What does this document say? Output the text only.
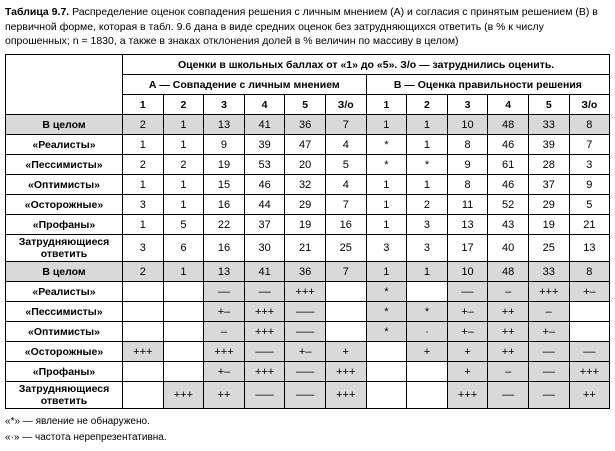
Таблица 9.7. Распределение оценок совпадения решения с личным мнением (А) и согласия с принятым решением (В) в первичной форме, которая в табл. 9.6 дана в виде средних оценок без затрудняющихся ответить (в % к числу опрошенных; n = 1830, а также в знаках отклонения долей в % величин по массиву в целом)
	Оценки в школьных баллах от «1» до «5». З/о — затруднились оценить.											
	А — Совпадение с личным мнением						В — Оценка правильности решения					
	1	2	3	4	5	З/о	1	2	3	4	5	З/о
В целом	2	1	13	41	36	7	1	1	10	48	33	8
«Реалисты»	1	1	9	39	47	4	*	1	8	46	39	7
«Пессимисты»	2	2	19	53	20	5	*	*	9	61	28	3
«Оптимисты»	1	1	15	46	32	4	1	1	8	46	37	9
«Осторожные»	3	1	16	44	29	7	1	2	11	52	29	5
«Профаны»	1	5	22	37	19	16	1	3	13	43	19	21
Затрудняющиеся ответить	3	6	16	30	21	25	3	3	17	40	25	13
В целом	2	1	13	41	36	7	1	1	10	48	33	8
«Реалисты»			––	––	+++		*		––	–	+++	+–
«Пессимисты»			+–	+++	–––		*	*	+–	++	–	
«Оптимисты»			–	+++	–––		*	·	+–	++	+–	
«Осторожные»	+++		+++	–––	+–	+		+	+	++	––	––
«Профаны»			+–	+++	–––	+++			+	–	––	+++
Затрудняющиеся ответить		+++	++	–––	–––	+++			+++	––	––	++
«*» — явление не обнаружено.
«·» — частота нерепрезентативна.
